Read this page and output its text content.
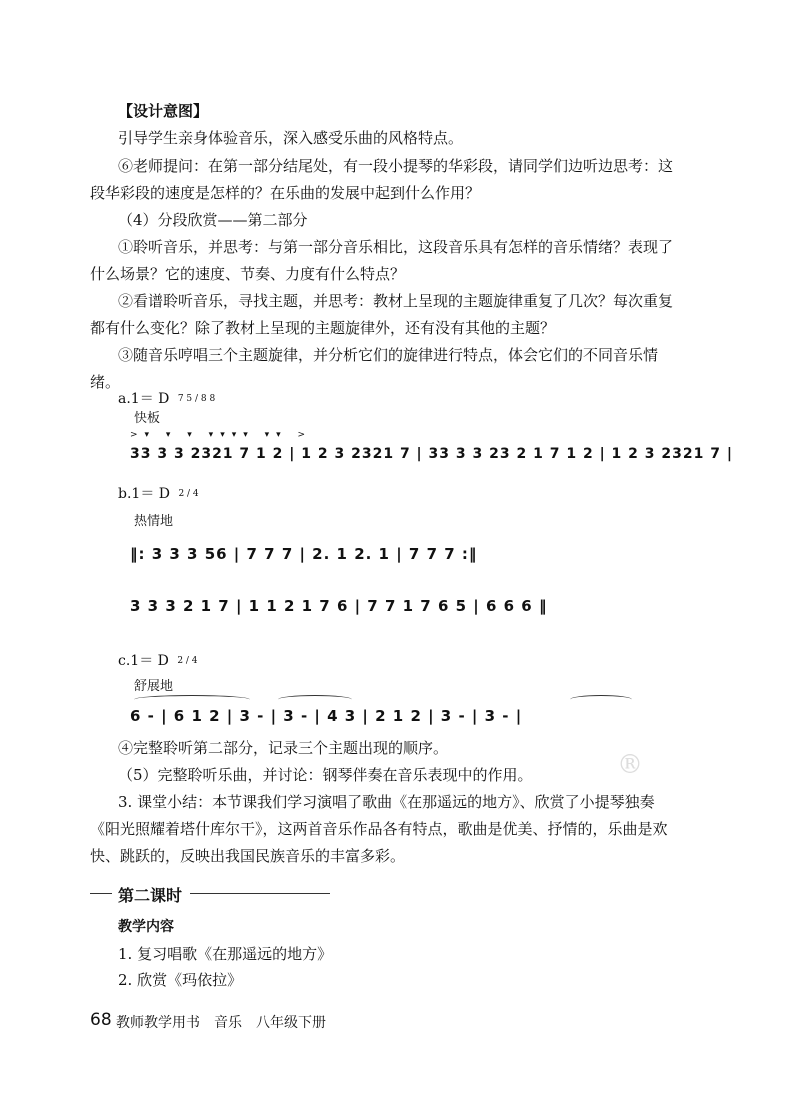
【设计意图】
引导学生亲身体验音乐，深入感受乐曲的风格特点。
⑥老师提问：在第一部分结尾处，有一段小提琴的华彩段，请同学们边听边思考：这
段华彩段的速度是怎样的？在乐曲的发展中起到什么作用？
（4）分段欣赏——第二部分
①聆听音乐，并思考：与第一部分音乐相比，这段音乐具有怎样的音乐情绪？表现了
什么场景？它的速度、节奏、力度有什么特点？
②看谱聆听音乐，寻找主题，并思考：教材上呈现的主题旋律重复了几次？每次重复
都有什么变化？除了教材上呈现的主题旋律外，还有没有其他的主题？
③随音乐哼唱三个主题旋律，并分析它们的旋律进行特点，体会它们的不同音乐情
绪。
a.1＝ D 7 5 / 8 8
快板
33 3 3 2321 7 1 2 | 1 2 3 2321 7 | 33 3 3 23 2 1 7 1 2 | 1 2 3 2321 7 |
>▾ ▾ ▾ ▾▾▾▾ ▾▾ >
b.1＝ D 2 / 4
热情地
‖: 3 3 3 56 | 7 7 7 | 2. 1 2. 1 | 7 7 7 :‖
3 3 3 2 1 7 | 1 1 2 1 7 6 | 7 7 1 7 6 5 | 6 6 6 ‖
c.1＝ D 2 / 4
舒展地
6 - | 6 1 2 | 3 - | 3 - | 4 3 | 2 1 2 | 3 - | 3 - |
④完整聆听第二部分，记录三个主题出现的顺序。
（5）完整聆听乐曲，并讨论：钢琴伴奏在音乐表现中的作用。	®
3. 课堂小结：本节课我们学习演唱了歌曲《在那遥远的地方》、欣赏了小提琴独奏
《阳光照耀着塔什库尔干》，这两首音乐作品各有特点，歌曲是优美、抒情的，乐曲是欢
快、跳跃的，反映出我国民族音乐的丰富多彩。
第二课时
教学内容
1. 复习唱歌《在那遥远的地方》
2. 欣赏《玛依拉》
68 教师教学用书　音乐　八年级下册
